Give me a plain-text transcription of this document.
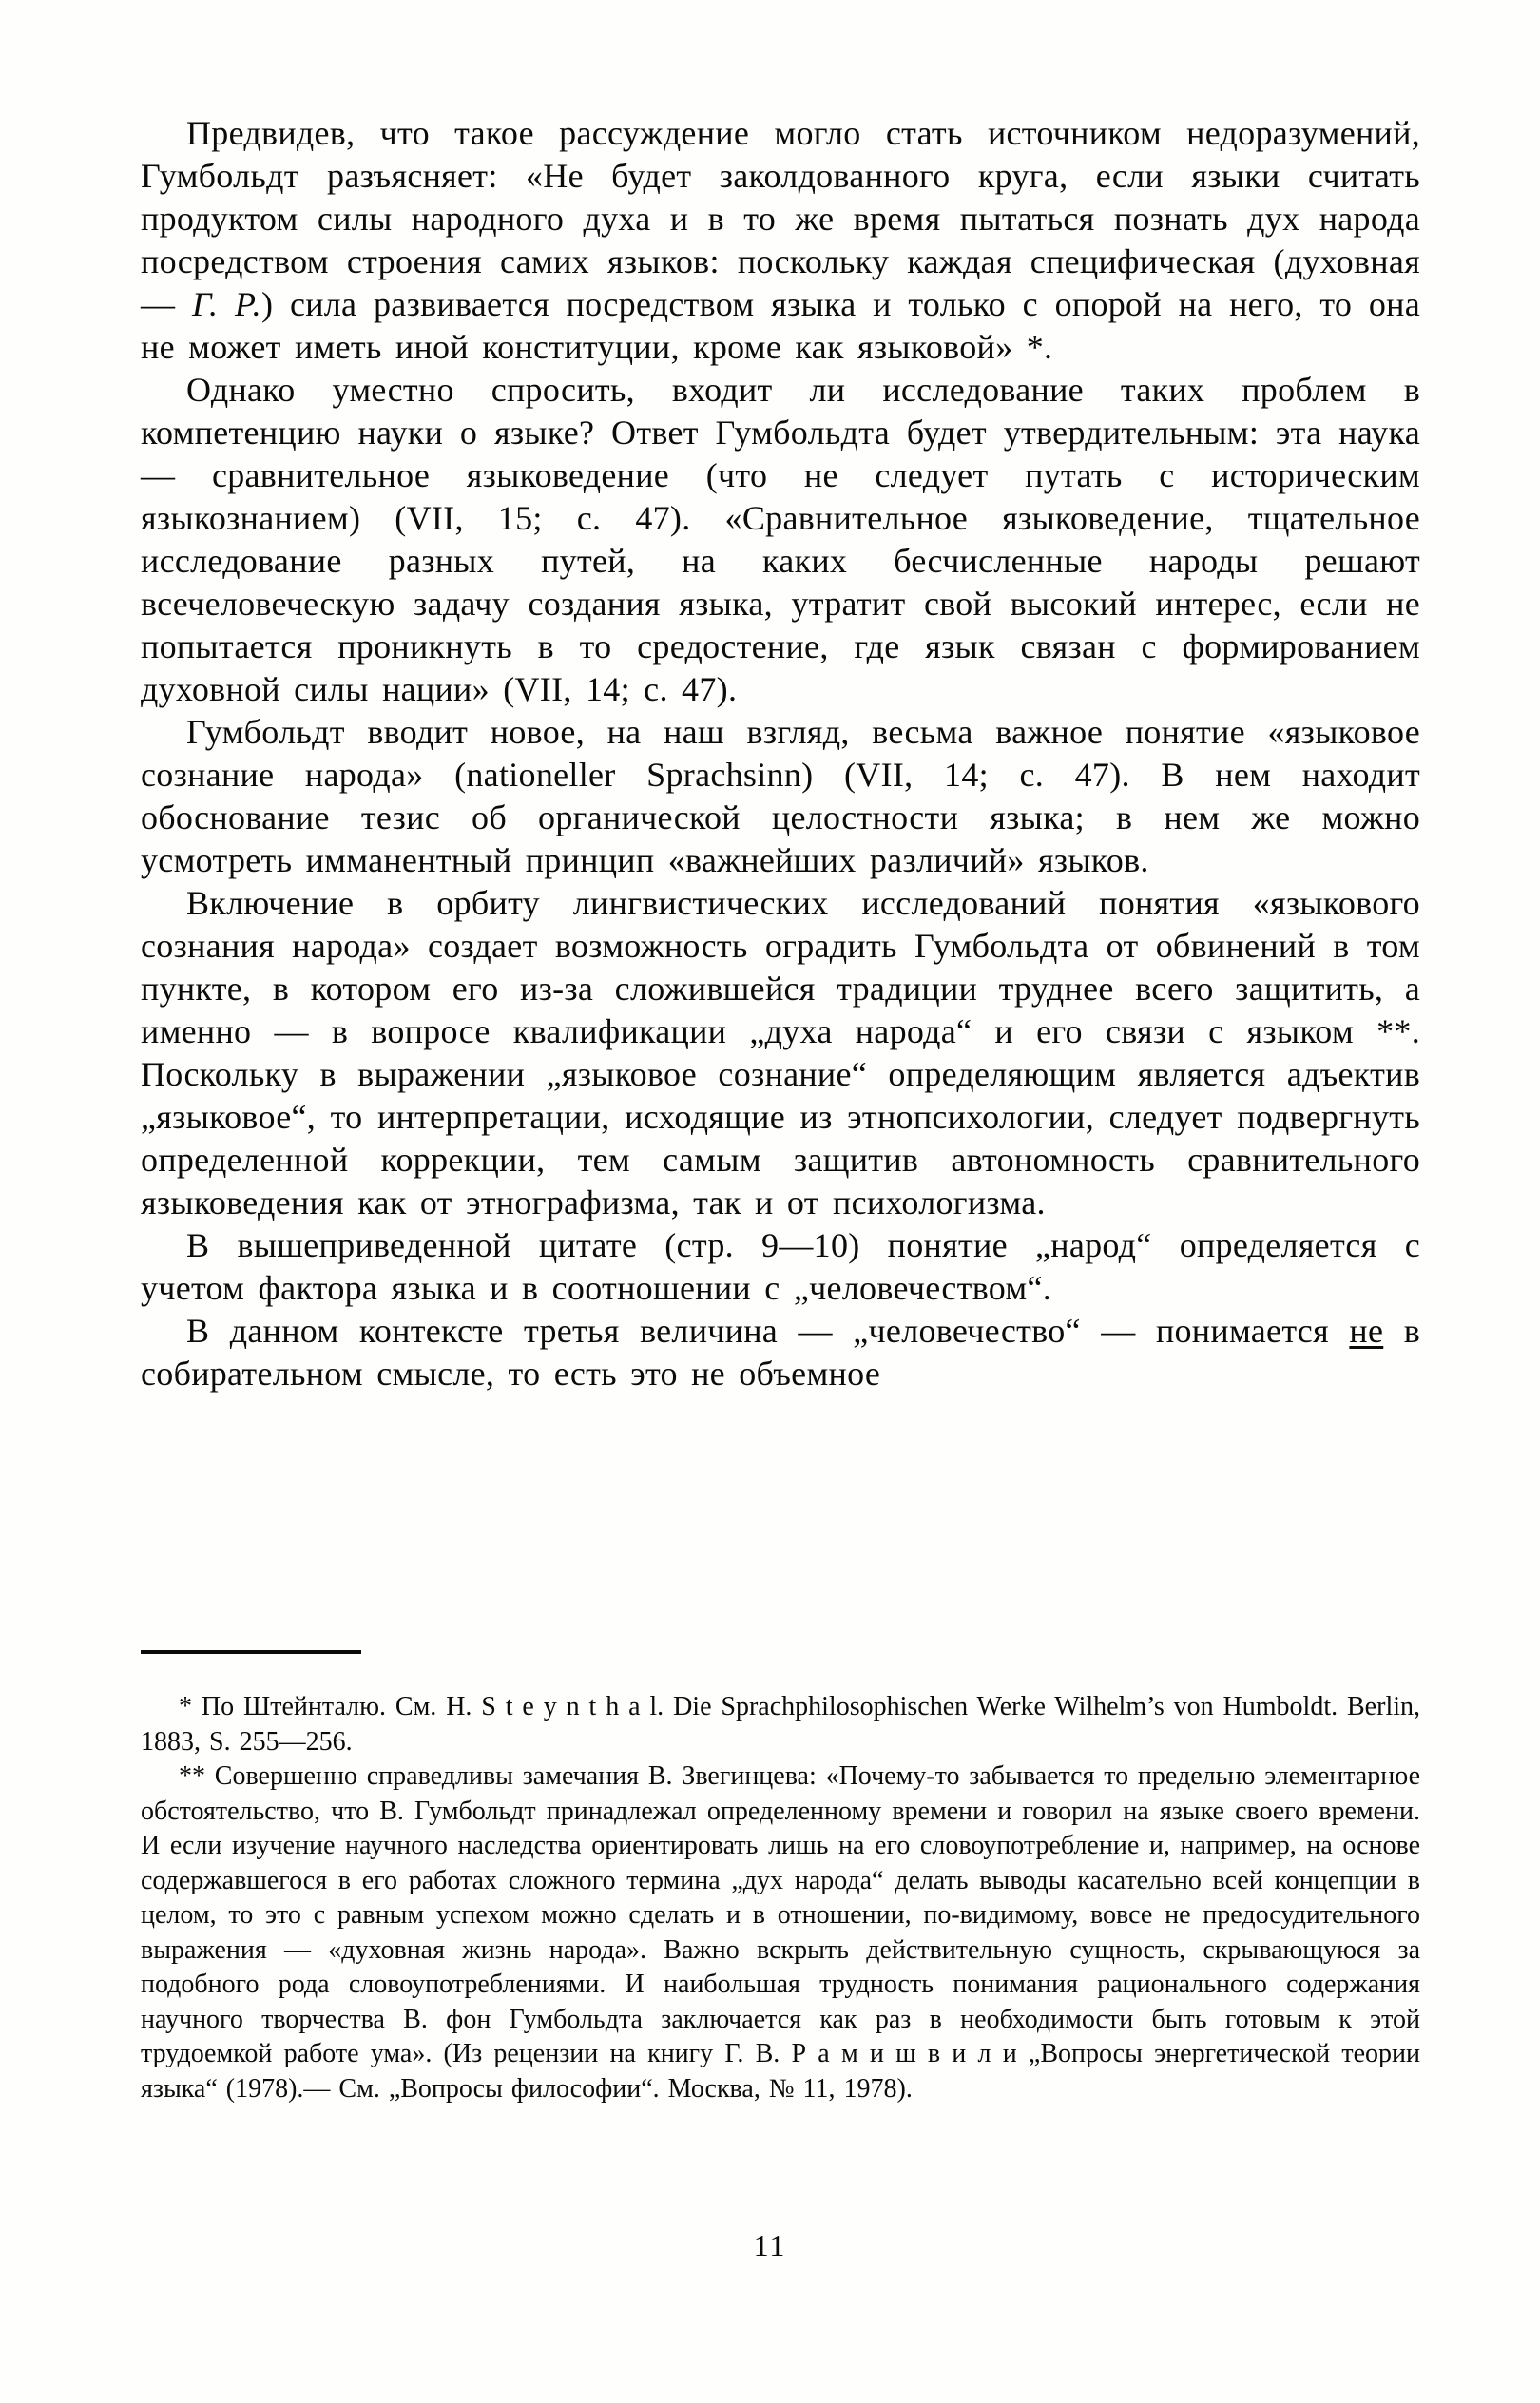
Предвидев, что такое рассуждение могло стать источником недоразумений, Гумбольдт разъясняет: «Не будет заколдованного круга, если языки считать продуктом силы народного духа и в то же время пытаться познать дух народа посредством строения самих языков: поскольку каждая специфическая (духовная — Г. Р.) сила развивается посредством языка и только с опорой на него, то она не может иметь иной конституции, кроме как языковой» *.

Однако уместно спросить, входит ли исследование таких проблем в компетенцию науки о языке? Ответ Гумбольдта будет утвердительным: эта наука — сравнительное языковедение (что не следует путать с историческим языкознанием) (VII, 15; с. 47). «Сравнительное языковедение, тщательное исследование разных путей, на каких бесчисленные народы решают всечеловеческую задачу создания языка, утратит свой высокий интерес, если не попытается проникнуть в то средостение, где язык связан с формированием духовной силы нации» (VII, 14; с. 47).

Гумбольдт вводит новое, на наш взгляд, весьма важное понятие «языковое сознание народа» (nationeller Sprachsinn) (VII, 14; с. 47). В нем находит обоснование тезис об органической целостности языка; в нем же можно усмотреть имманентный принцип «важнейших различий» языков.

Включение в орбиту лингвистических исследований понятия «языкового сознания народа» создает возможность оградить Гумбольдта от обвинений в том пункте, в котором его из-за сложившейся традиции труднее всего защитить, а именно — в вопросе квалификации „духа народа“ и его связи с языком **. Поскольку в выражении „языковое сознание“ определяющим является адъектив „языковое“, то интерпретации, исходящие из этнопсихологии, следует подвергнуть определенной коррекции, тем самым защитив автономность сравнительного языковедения как от этнографизма, так и от психологизма.

В вышеприведенной цитате (стр. 9—10) понятие „народ“ определяется с учетом фактора языка и в соотношении с „человечеством“.

В данном контексте третья величина — „человечество“ — понимается не в собирательном смысле, то есть это не объемное

* По Штейнталю. См. H. S t e y n t h a l. Die Sprachphilosophischen Werke Wilhelm’s von Humboldt. Berlin, 1883, S. 255—256.

** Совершенно справедливы замечания В. Звегинцева: «Почему-то забывается то предельно элементарное обстоятельство, что В. Гумбольдт принадлежал определенному времени и говорил на языке своего времени. И если изучение научного наследства ориентировать лишь на его словоупотребление и, например, на основе содержавшегося в его работах сложного термина „дух народа“ делать выводы касательно всей концепции в целом, то это с равным успехом можно сделать и в отношении, по-видимому, вовсе не предосудительного выражения — «духовная жизнь народа». Важно вскрыть действительную сущность, скрывающуюся за подобного рода словоупотреблениями. И наибольшая трудность понимания рационального содержания научного творчества В. фон Гумбольдта заключается как раз в необходимости быть готовым к этой трудоемкой работе ума». (Из рецензии на книгу Г. В. Р а м и ш в и л и „Вопросы энергетической теории языка“ (1978).— См. „Вопросы философии“. Москва, № 11, 1978).

11
